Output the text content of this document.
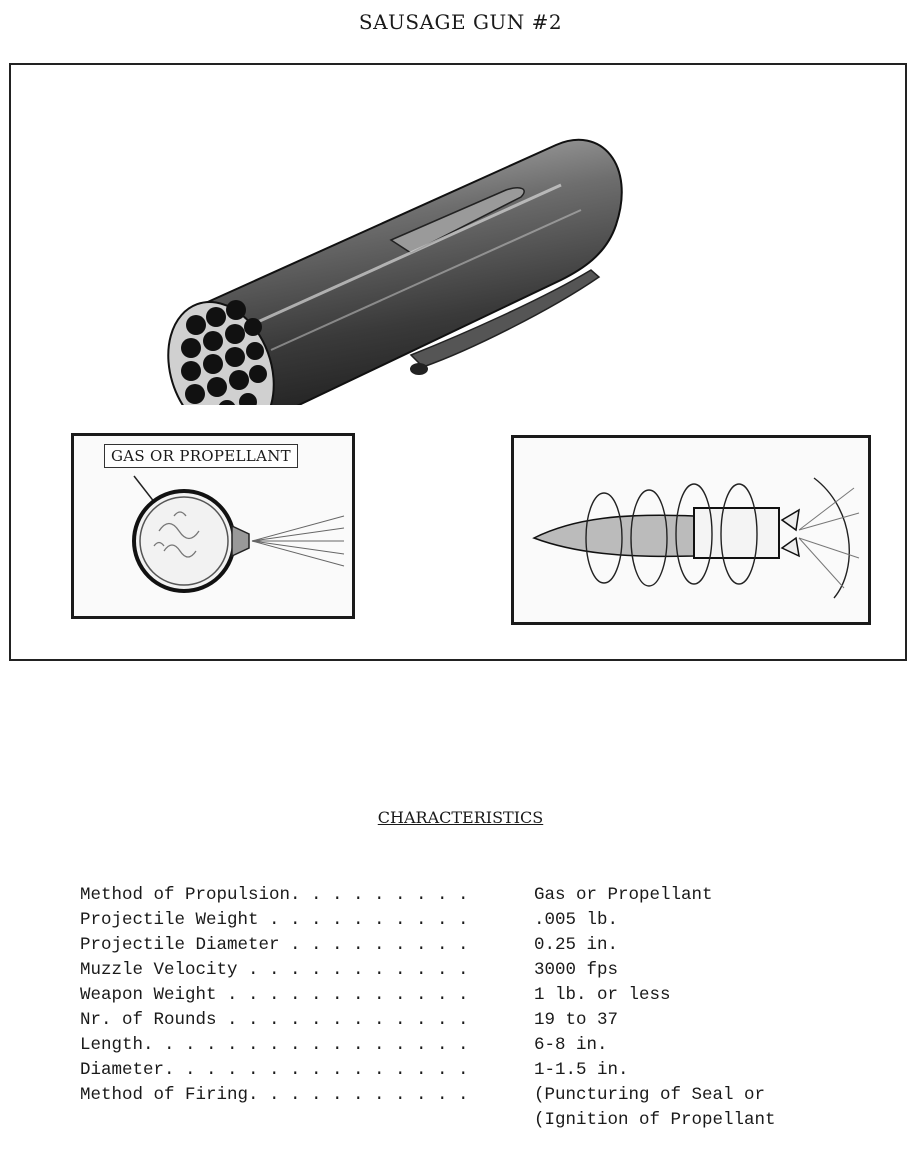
SAUSAGE GUN #2
GAS OR PROPELLANT
CHARACTERISTICS
Method of Propulsion. . . . . . . . .	Gas or Propellant
Projectile Weight . . . . . . . . . .	.005 lb.
Projectile Diameter . . . . . . . . .	0.25 in.
Muzzle Velocity . . . . . . . . . . .	3000 fps
Weapon Weight . . . . . . . . . . . .	1 lb. or less
Nr. of Rounds . . . . . . . . . . . .	19 to 37
Length. . . . . . . . . . . . . . . .	6-8 in.
Diameter. . . . . . . . . . . . . . .	1-1.5 in.
Method of Firing. . . . . . . . . . .	(Puncturing of Seal or
(Ignition of Propellant
